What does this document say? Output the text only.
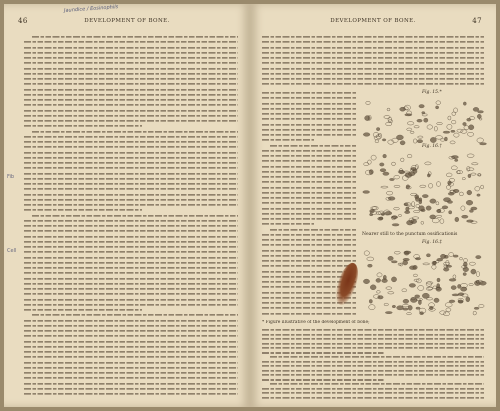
46	DEVELOPMENT OF BONE.
Jaundice / Eosinophils
Fib
Cell
DEVELOPMENT OF BONE.	47
Fig. 15.*
Fig. 16.†
Nearer still to the punctum ossificationis
Fig. 16.‡
* Figure illustrative of the development of bone;
